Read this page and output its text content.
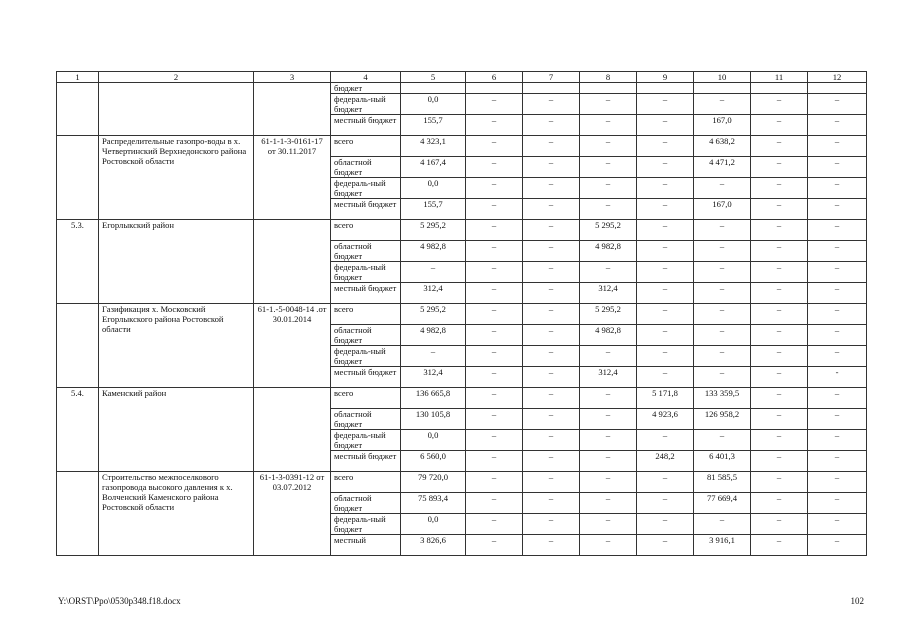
1	2	3	4	5	6	7	8	9	10	11	12
			бюджет								
			федераль-ный бюджет	0,0	–	–	–	–	–	–	–
			местный бюджет	155,7	–	–	–	–	167,0	–	–
	Распределительные газопро-воды в х. Четвертинский Верхнедонского района Ростовской области	61-1-1-3-0161-17 от 30.11.2017	всего	4 323,1	–	–	–	–	4 638,2	–	–
			областной бюджет	4 167,4	–	–	–	–	4 471,2	–	–
			федераль-ный бюджет	0,0	–	–	–	–	–	–	–
			местный бюджет	155,7	–	–	–	–	167,0	–	–
5.3.	Егорлыкский район		всего	5 295,2	–	–	5 295,2	–	–	–	–
			областной бюджет	4 982,8	–	–	4 982,8	–	–	–	–
			федераль-ный бюджет	–	–	–	–	–	–	–	–
			местный бюджет	312,4	–	–	312,4	–	–	–	–
	Газификация х. Московский Егорлыкского района Ростовской области	61-1.-5-0048-14 .от 30.01.2014	всего	5 295,2	–	–	5 295,2	–	–	–	–
			областной бюджет	4 982,8	–	–	4 982,8	–	–	–	–
			федераль-ный бюджет	–	–	–	–	–	–	–	–
			местный бюджет	312,4	–	–	312,4	–	–	–	-
5.4.	Каменский район		всего	136 665,8	–	–	–	5 171,8	133 359,5	–	–
			областной бюджет	130 105,8	–	–	–	4 923,6	126 958,2	–	–
			федераль-ный бюджет	0,0	–	–	–	–	–	–	–
			местный бюджет	6 560,0	–	–	–	248,2	6 401,3	–	–
	Строительство межпоселкового газопровода высокого давления к х. Волченский Каменского района Ростовской области	61-1-3-0391-12 от 03.07.2012	всего	79 720,0	–	–	–	–	81 585,5	–	–
			областной бюджет	75 893,4	–	–	–	–	77 669,4	–	–
			федераль-ный бюджет	0,0	–	–	–	–	–	–	–
			местный	3 826,6	–	–	–	–	3 916,1	–	–
Y:\ORST\Ppo\0530p348.f18.docx	102
